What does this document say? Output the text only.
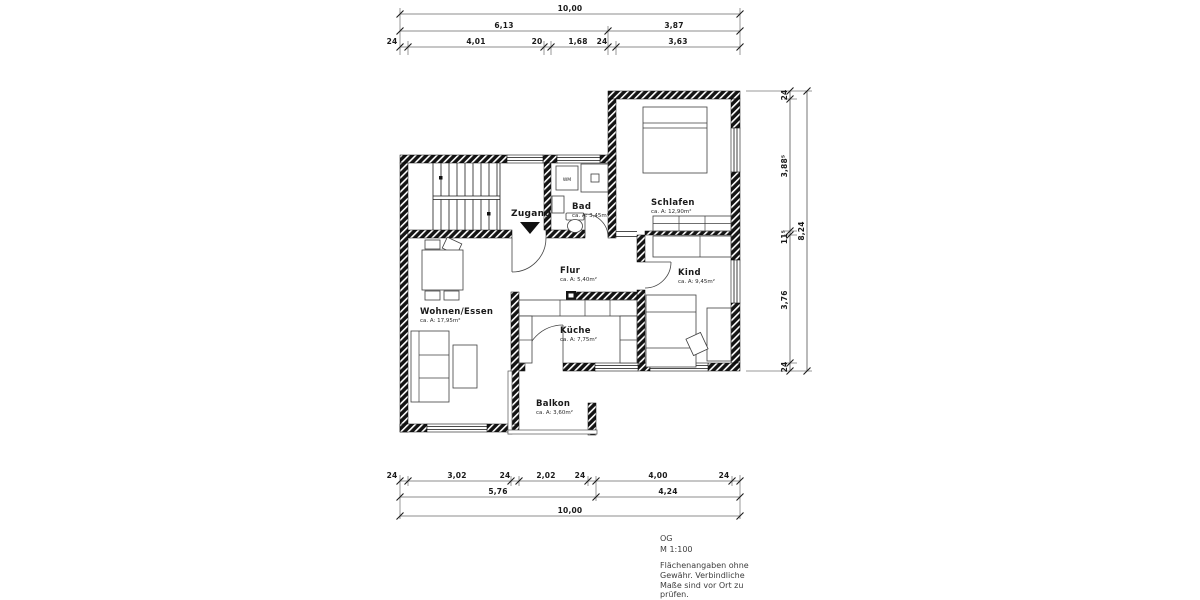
10,00
6,13	3,87
24	4,01	20	1,68 24	3,63
24	3,02	24	2,02	24	4,00	24
5,76	4,24
10,00
24
3,88⁵
11⁵
3,76
24
8,24
WM
Zugang
Schlafen
ca. A: 12,90m²
Kind
ca. A: 9,45m²
Bad
ca. A: 3,45m²
Flur
ca. A: 5,40m²
Küche
ca. A: 7,75m²
Wohnen/Essen
ca. A: 17,95m²
Balkon
ca. A: 3,60m²
OG
M 1:100
Flächenangaben ohne
Gewähr. Verbindliche
Maße sind vor Ort zu
prüfen.
